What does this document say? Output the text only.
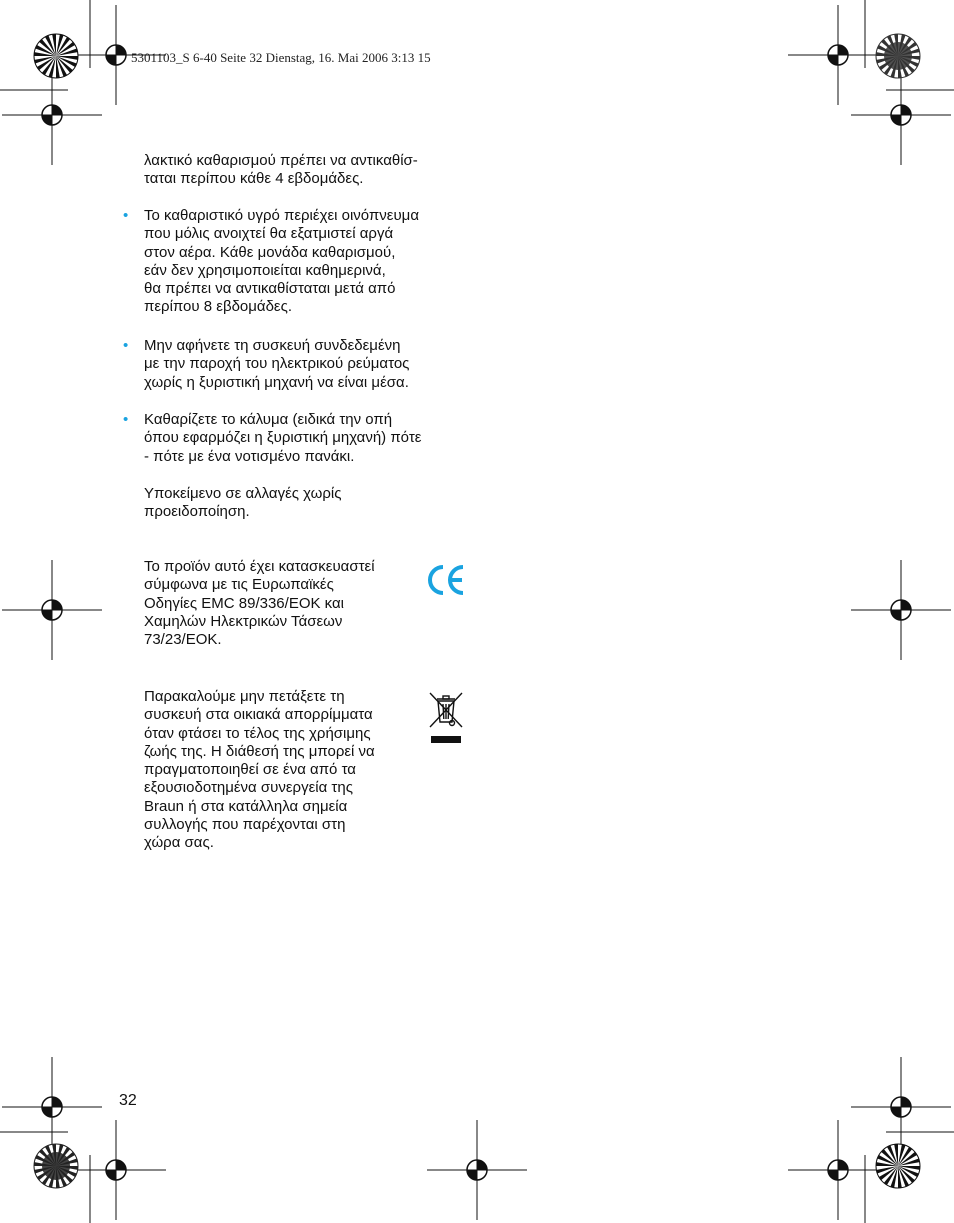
5301103_S 6-40 Seite 32 Dienstag, 16. Mai 2006 3:13 15
λακτικό καθαρισμού πρέπει να αντικαθίσ-
ταται περίπου κάθε 4 εβδομάδες.
• Το καθαριστικό υγρό περιέχει οινόπνευμα
που μόλις ανοιχτεί θα εξατμιστεί αργά
στον αέρα. Κάθε μονάδα καθαρισμού,
εάν δεν χρησιμοποιείται καθημερινά,
θα πρέπει να αντικαθίσταται μετά από
περίπου 8 εβδομάδες.
• Μην αφήνετε τη συσκευή συνδεδεμένη
με την παροχή του ηλεκτρικού ρεύματος
χωρίς η ξυριστική μηχανή να είναι μέσα.
• Καθαρίζετε το κάλυμα (ειδικά την οπή
όπου εφαρμόζει η ξυριστική μηχανή) πότε
- πότε με ένα νοτισμένο πανάκι.
Υποκείμενο σε αλλαγές χωρίς
προειδοποίηση.
Το προϊόν αυτό έχει κατασκευαστεί
σύμφωνα με τις Ευρωπαϊκές
Οδηγίες EMC 89/336/ΕΟΚ και
Χαμηλών Ηλεκτρικών Τάσεων
73/23/ΕΟΚ.
Παρακαλούμε μην πετάξετε τη
συσκευή στα οικιακά απορρίμματα
όταν φτάσει το τέλος της χρήσιμης
ζωής της. Η διάθεσή της μπορεί να
πραγματοποιηθεί σε ένα από τα
εξουσιοδοτημένα συνεργεία της
Braun ή στα κατάλληλα σημεία
συλλογής που παρέχονται στη
χώρα σας.
32
